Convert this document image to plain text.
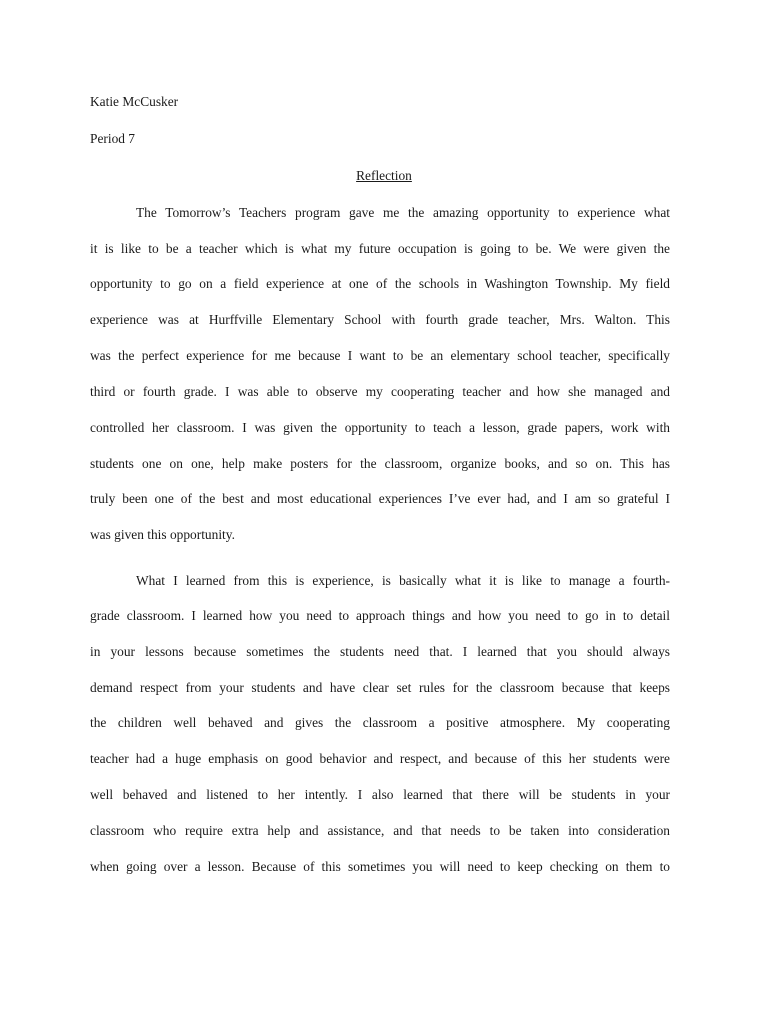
Katie McCusker
Period 7
Reflection
The Tomorrow’s Teachers program gave me the amazing opportunity to experience what
it is like to be a teacher which is what my future occupation is going to be. We were given the
opportunity to go on a field experience at one of the schools in Washington Township. My field
experience was at Hurffville Elementary School with fourth grade teacher, Mrs. Walton. This
was the perfect experience for me because I want to be an elementary school teacher, specifically
third or fourth grade. I was able to observe my cooperating teacher and how she managed and
controlled her classroom. I was given the opportunity to teach a lesson, grade papers, work with
students one on one, help make posters for the classroom, organize books, and so on. This has
truly been one of the best and most educational experiences I’ve ever had, and I am so grateful I
was given this opportunity.
What I learned from this is experience, is basically what it is like to manage a fourth-
grade classroom. I learned how you need to approach things and how you need to go in to detail
in your lessons because sometimes the students need that. I learned that you should always
demand respect from your students and have clear set rules for the classroom because that keeps
the children well behaved and gives the classroom a positive atmosphere. My cooperating
teacher had a huge emphasis on good behavior and respect, and because of this her students were
well behaved and listened to her intently. I also learned that there will be students in your
classroom who require extra help and assistance, and that needs to be taken into consideration
when going over a lesson. Because of this sometimes you will need to keep checking on them to
